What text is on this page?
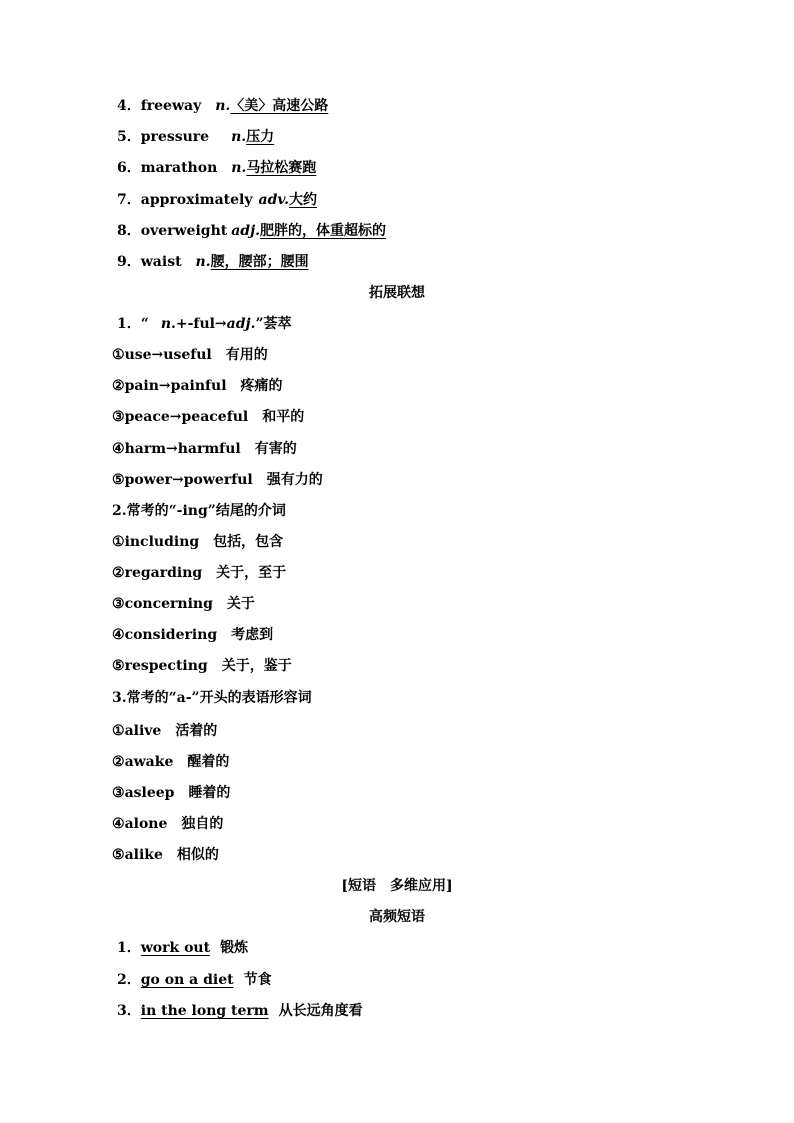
4．freeway n.〈美〉高速公路
5．pressure n.压力
6．marathon n.马拉松赛跑
7．approximately adv.大约
8．overweight adj.肥胖的，体重超标的
9．waist n.腰，腰部；腰围
拓展联想
1．“ n.+-ful→adj.”荟萃
①use→useful 有用的
②pain→painful 疼痛的
③peace→peaceful 和平的
④harm→harmful 有害的
⑤power→powerful 强有力的
2.常考的“-ing”结尾的介词
①including 包括，包含
②regarding 关于，至于
③concerning 关于
④considering 考虑到
⑤respecting 关于，鉴于
3.常考的“a-”开头的表语形容词
①alive 活着的
②awake 醒着的
③asleep 睡着的
④alone 独自的
⑤alike 相似的
[短语　多维应用]
高频短语
1．work out 锻炼
2．go on a diet 节食
3．in the long term 从长远角度看
